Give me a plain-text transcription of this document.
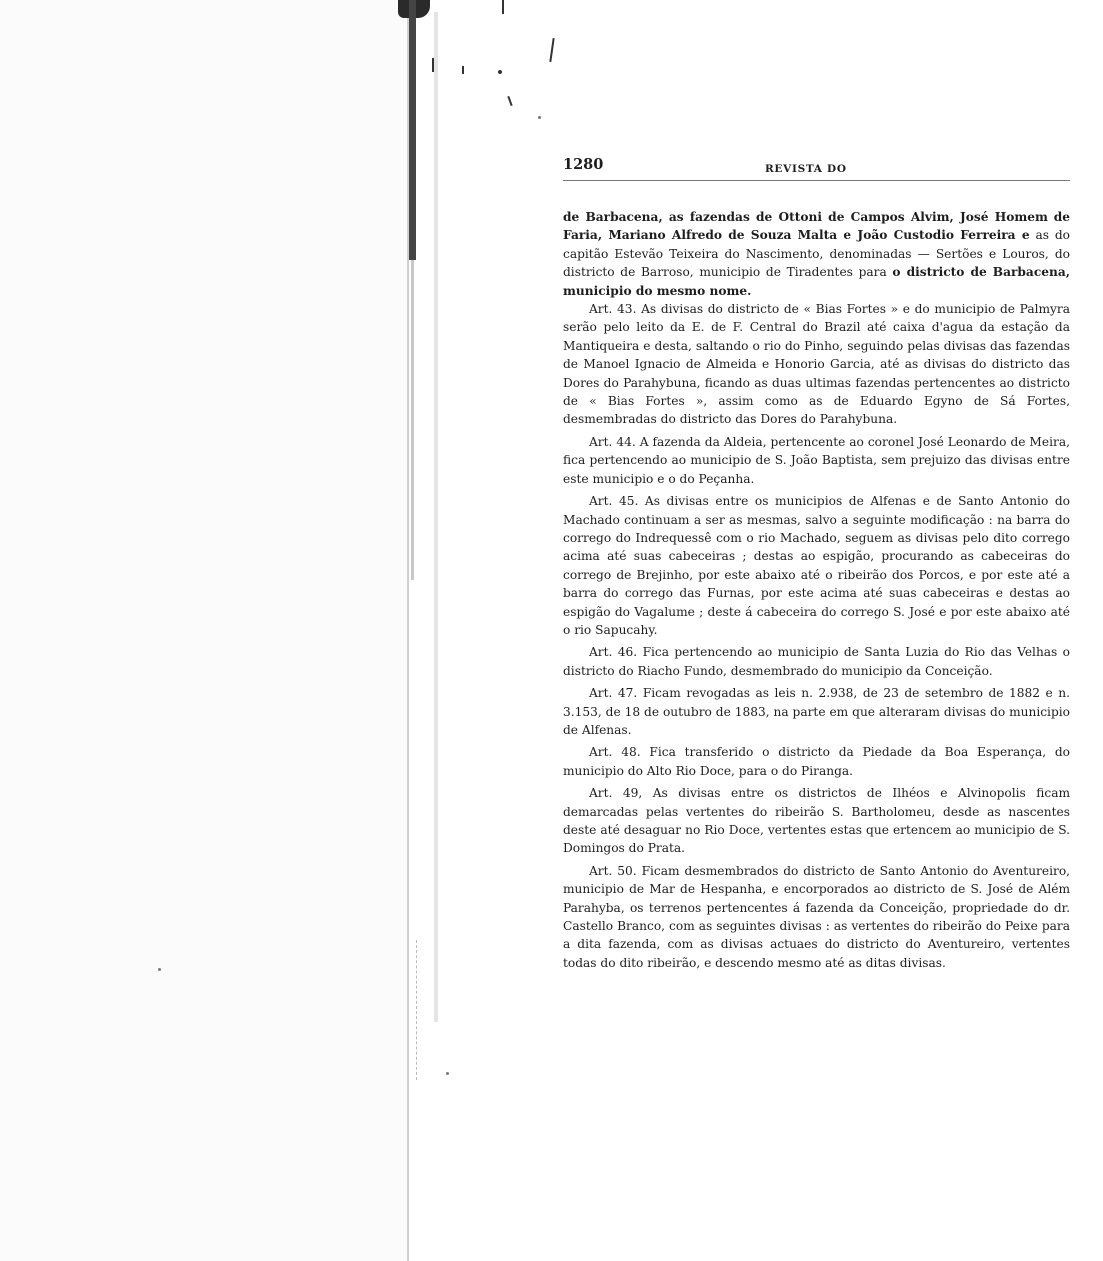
1280	REVISTA DO

de Barbacena, as fazendas de Ottoni de Campos Alvim, José Homem de Faria, Mariano Alfredo de Souza Malta e João Custodio Ferreira e as do capitão Estevão Teixeira do Nascimento, denominadas — Sertões e Louros, do districto de Barroso, municipio de Tiradentes para o districto de Barbacena, municipio do mesmo nome.

Art. 43. As divisas do districto de « Bias Fortes » e do municipio de Palmyra serão pelo leito da E. de F. Central do Brazil até caixa d'agua da estação da Mantiqueira e desta, saltando o rio do Pinho, seguindo pelas divisas das fazendas de Manoel Ignacio de Almeida e Honorio Garcia, até as divisas do districto das Dores do Parahybuna, ficando as duas ultimas fazendas pertencentes ao districto de « Bias Fortes », assim como as de Eduardo Egyno de Sá Fortes, desmembradas do districto das Dores do Parahybuna.

Art. 44. A fazenda da Aldeia, pertencente ao coronel José Leonardo de Meira, fica pertencendo ao municipio de S. João Baptista, sem prejuizo das divisas entre este municipio e o do Peçanha.

Art. 45. As divisas entre os municipios de Alfenas e de Santo Antonio do Machado continuam a ser as mesmas, salvo a seguinte modificação : na barra do corrego do Indrequessê com o rio Machado, seguem as divisas pelo dito corrego acima até suas cabeceiras ; destas ao espigão, procurando as cabeceiras do corrego de Brejinho, por este abaixo até o ribeirão dos Porcos, e por este até a barra do corrego das Furnas, por este acima até suas cabeceiras e destas ao espigão do Vagalume ; deste á cabeceira do corrego S. José e por este abaixo até o rio Sapucahy.

Art. 46. Fica pertencendo ao municipio de Santa Luzia do Rio das Velhas o districto do Riacho Fundo, desmembrado do municipio da Conceição.

Art. 47. Ficam revogadas as leis n. 2.938, de 23 de setembro de 1882 e n. 3.153, de 18 de outubro de 1883, na parte em que alteraram divisas do municipio de Alfenas.

Art. 48. Fica transferido o districto da Piedade da Boa Esperança, do municipio do Alto Rio Doce, para o do Piranga.

Art. 49, As divisas entre os districtos de Ilhéos e Alvinopolis ficam demarcadas pelas vertentes do ribeirão S. Bartholomeu, desde as nascentes deste até desaguar no Rio Doce, vertentes estas que ertencem ao municipio de S. Domingos do Prata.

Art. 50. Ficam desmembrados do districto de Santo Antonio do Aventureiro, municipio de Mar de Hespanha, e encorporados ao districto de S. José de Além Parahyba, os terrenos pertencentes á fazenda da Conceição, propriedade do dr. Castello Branco, com as seguintes divisas : as vertentes do ribeirão do Peixe para a dita fazenda, com as divisas actuaes do districto do Aventureiro, vertentes todas do dito ribeirão, e descendo mesmo até as ditas divisas.
